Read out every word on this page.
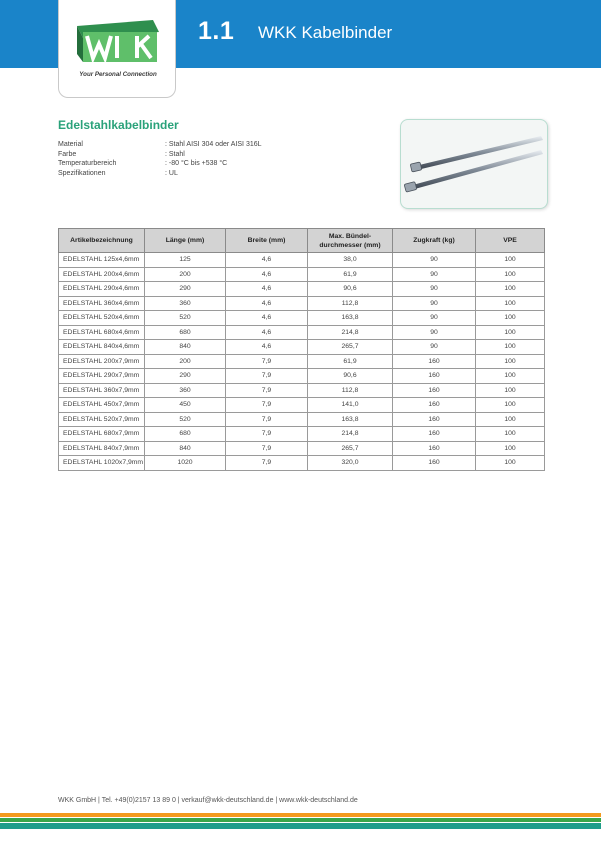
Your Personal Connection
1.1 WKK Kabelbinder
Edelstahlkabelbinder
Material	: Stahl AISI 304 oder AISI 316L
Farbe	: Stahl
Temperaturbereich	: -80 °C bis +538 °C
Spezifikationen	: UL
Artikelbezeichnung	Länge (mm)	Breite (mm)	Max. Bündel-durchmesser (mm)	Zugkraft (kg)	VPE
EDELSTAHL 125x4,6mm	125	4,6	38,0	90	100
EDELSTAHL 200x4,6mm	200	4,6	61,9	90	100
EDELSTAHL 290x4,6mm	290	4,6	90,6	90	100
EDELSTAHL 360x4,6mm	360	4,6	112,8	90	100
EDELSTAHL 520x4,6mm	520	4,6	163,8	90	100
EDELSTAHL 680x4,6mm	680	4,6	214,8	90	100
EDELSTAHL 840x4,6mm	840	4,6	265,7	90	100
EDELSTAHL 200x7,9mm	200	7,9	61,9	160	100
EDELSTAHL 290x7,9mm	290	7,9	90,6	160	100
EDELSTAHL 360x7,9mm	360	7,9	112,8	160	100
EDELSTAHL 450x7,9mm	450	7,9	141,0	160	100
EDELSTAHL 520x7,9mm	520	7,9	163,8	160	100
EDELSTAHL 680x7,9mm	680	7,9	214,8	160	100
EDELSTAHL 840x7,9mm	840	7,9	265,7	160	100
EDELSTAHL 1020x7,9mm	1020	7,9	320,0	160	100
WKK GmbH | Tel. +49(0)2157 13 89 0 | verkauf@wkk-deutschland.de | www.wkk-deutschland.de
